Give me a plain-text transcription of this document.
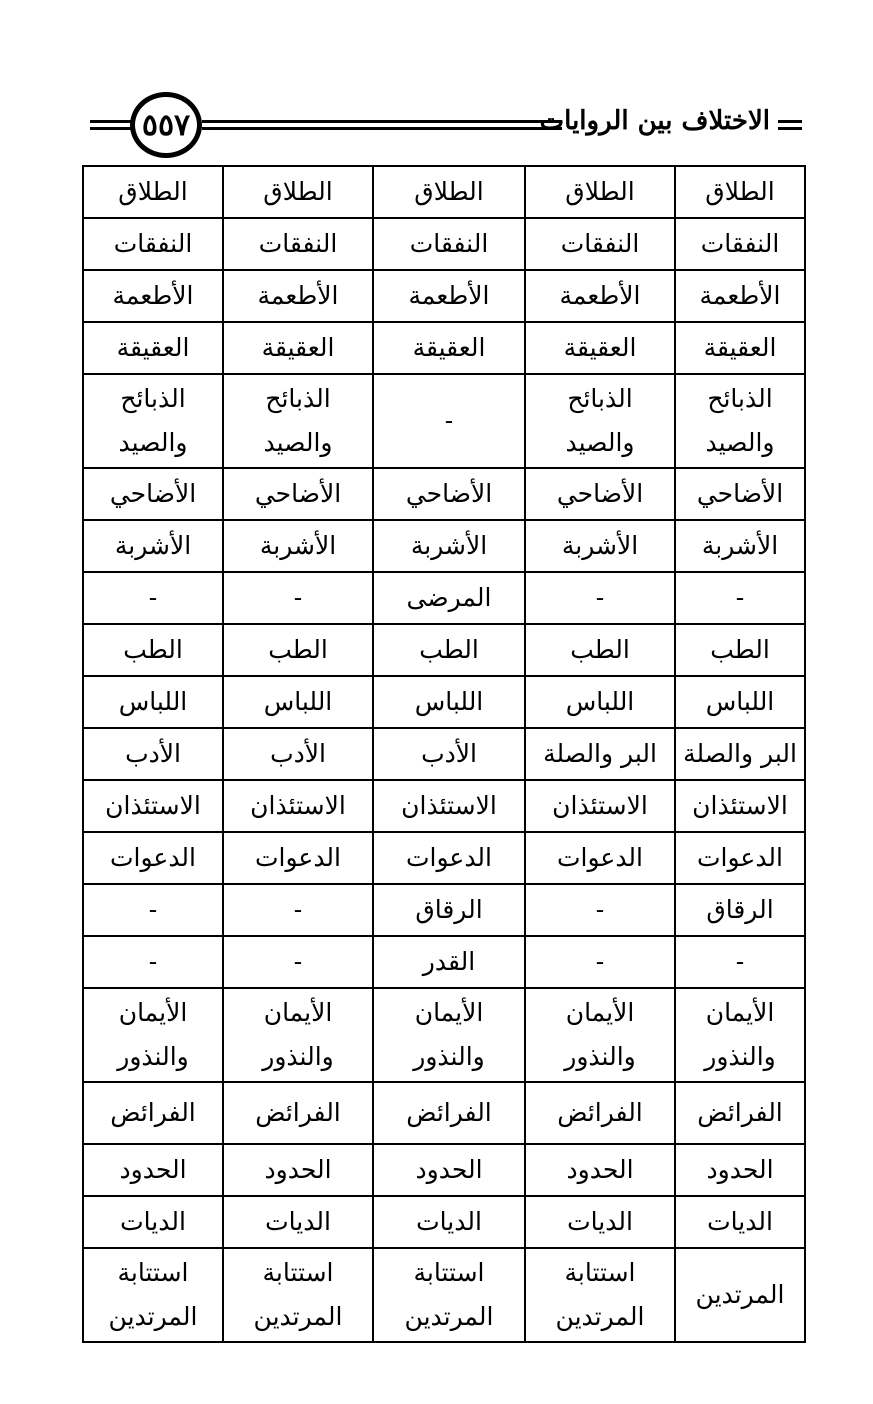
٥٥٧	الاختلاف بين الروايات
الطلاق	الطلاق	الطلاق	الطلاق	الطلاق
النفقات	النفقات	النفقات	النفقات	النفقات
الأطعمة	الأطعمة	الأطعمة	الأطعمة	الأطعمة
العقيقة	العقيقة	العقيقة	العقيقة	العقيقة
الذبائح والصيد	الذبائح والصيد	-	الذبائح والصيد	الذبائح والصيد
الأضاحي	الأضاحي	الأضاحي	الأضاحي	الأضاحي
الأشربة	الأشربة	الأشربة	الأشربة	الأشربة
-	-	المرضى	-	-
الطب	الطب	الطب	الطب	الطب
اللباس	اللباس	اللباس	اللباس	اللباس
البر والصلة	البر والصلة	الأدب	الأدب	الأدب
الاستئذان	الاستئذان	الاستئذان	الاستئذان	الاستئذان
الدعوات	الدعوات	الدعوات	الدعوات	الدعوات
الرقاق	-	الرقاق	-	-
-	-	القدر	-	-
الأيمان والنذور	الأيمان والنذور	الأيمان والنذور	الأيمان والنذور	الأيمان والنذور
الفرائض	الفرائض	الفرائض	الفرائض	الفرائض
الحدود	الحدود	الحدود	الحدود	الحدود
الديات	الديات	الديات	الديات	الديات
المرتدين	استتابة المرتدين	استتابة المرتدين	استتابة المرتدين	استتابة المرتدين
